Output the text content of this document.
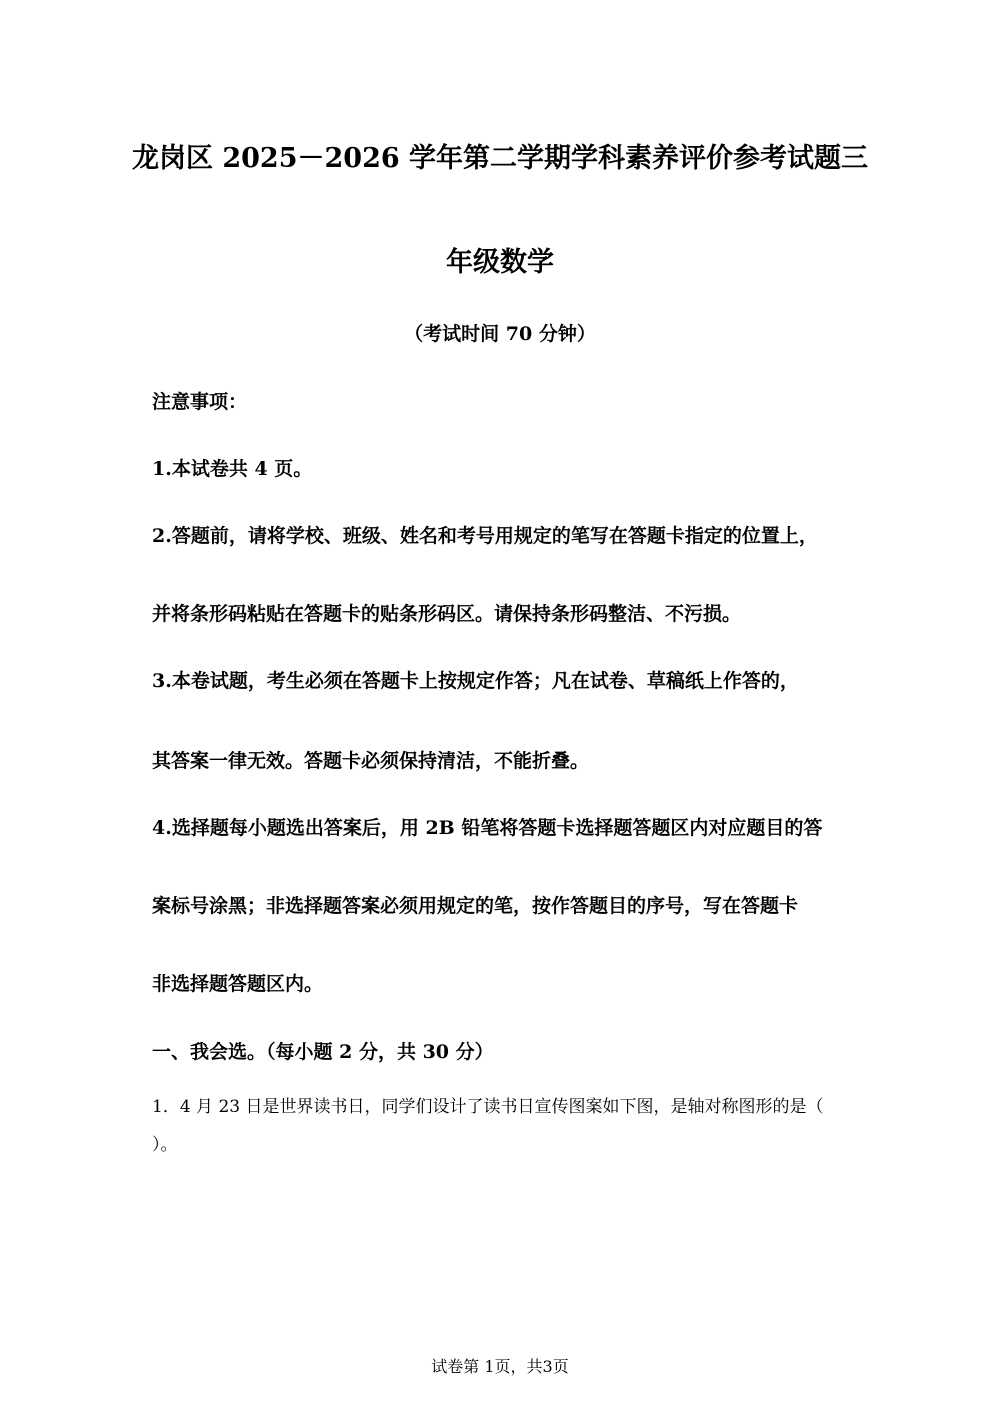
龙岗区 2025－2026 学年第二学期学科素养评价参考试题三
年级数学
（考试时间 70 分钟）
注意事项：
1.本试卷共 4 页。
2.答题前，请将学校、班级、姓名和考号用规定的笔写在答题卡指定的位置上，
并将条形码粘贴在答题卡的贴条形码区。请保持条形码整洁、不污损。
3.本卷试题，考生必须在答题卡上按规定作答；凡在试卷、草稿纸上作答的，
其答案一律无效。答题卡必须保持清洁，不能折叠。
4.选择题每小题选出答案后，用 2B 铅笔将答题卡选择题答题区内对应题目的答
案标号涂黑；非选择题答案必须用规定的笔，按作答题目的序号，写在答题卡
非选择题答题区内。
一、我会选。（每小题 2 分，共 30 分）
1．4 月 23 日是世界读书日，同学们设计了读书日宣传图案如下图，是轴对称图形的是（
）。
试卷第 1页，共3页
